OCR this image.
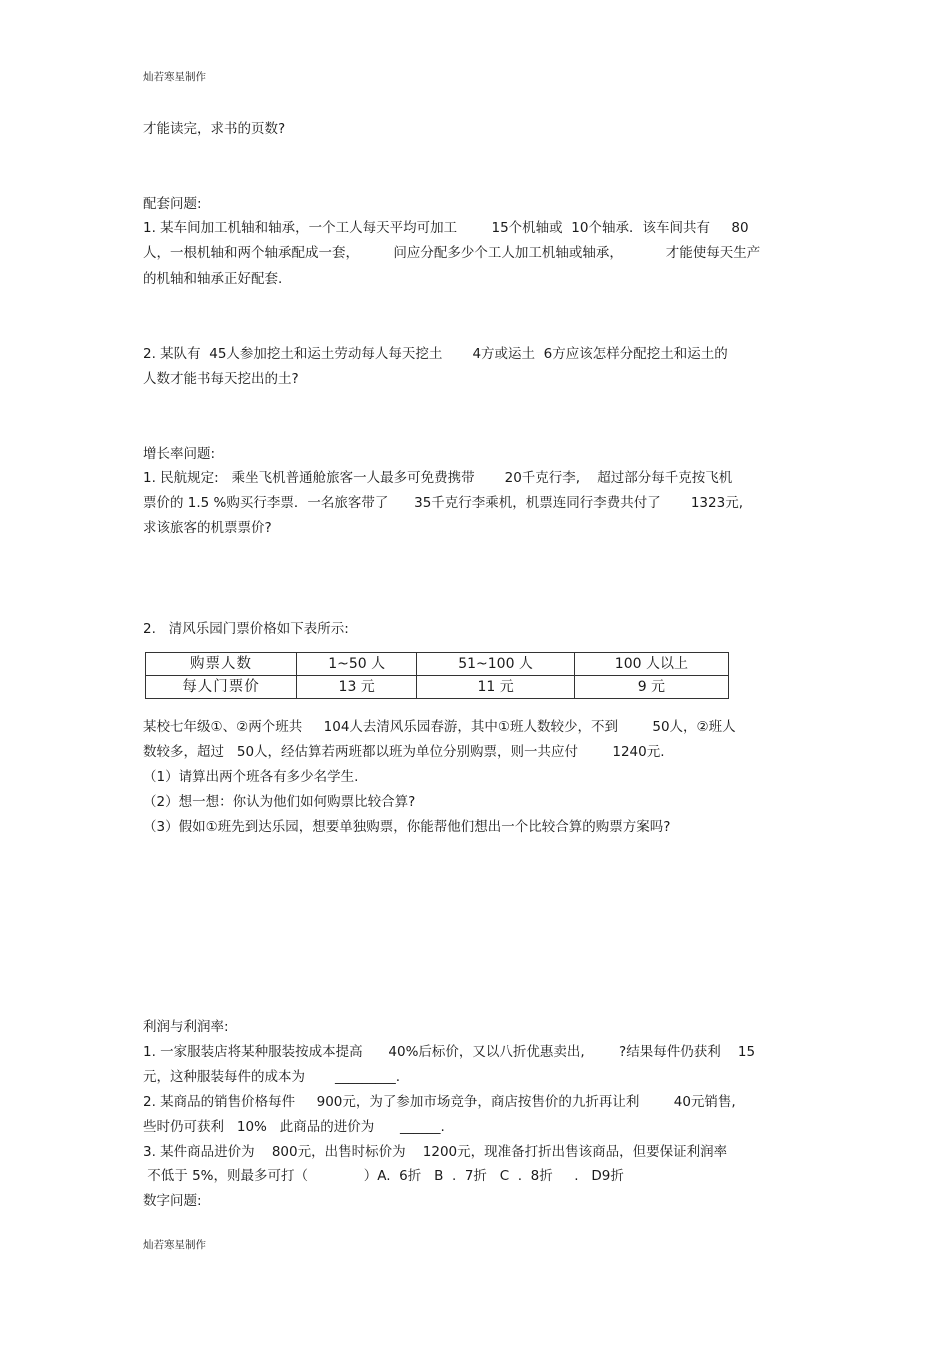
灿若寒星制作
才能读完，求书的页数?
配套问题:
1. 某车间加工机轴和轴承，一个工人每天平均可加工        15个机轴或  10个轴承．该车间共有     80
人，一根机轴和两个轴承配成一套，        问应分配多少个工人加工机轴或轴承，          才能使每天生产
的机轴和轴承正好配套.
2. 某队有  45人参加挖土和运土劳动每人每天挖土       4方或运土  6方应该怎样分配挖土和运土的
人数才能书每天挖出的土?
增长率问题:
1. 民航规定:   乘坐飞机普通舱旅客一人最多可免费携带       20千克行李,    超过部分每千克按飞机
票价的 1.5 %购买行李票．一名旅客带了      35千克行李乘机，机票连同行李费共付了       1323元,
求该旅客的机票票价?
2.   清风乐园门票价格如下表所示:
购票人数	1~50 人	51~100 人	100 人以上
每人门票价	13 元	11 元	9 元
某校七年级①、②两个班共     104人去清风乐园春游，其中①班人数较少，不到        50人，②班人
数较多，超过   50人，经估算若两班都以班为单位分别购票，则一共应付        1240元.
（1）请算出两个班各有多少名学生.
（2）想一想：你认为他们如何购票比较合算?
（3）假如①班先到达乐园，想要单独购票，你能帮他们想出一个比较合算的购票方案吗?
利润与利润率:
1. 一家服装店将某种服装按成本提高      40%后标价，又以八折优惠卖出,        ?结果每件仍获利    15
元，这种服装每件的成本为       _________.
2. 某商品的销售价格每件     900元，为了参加市场竞争，商店按售价的九折再让利        40元销售,
些时仍可获利   10%   此商品的进价为      ______.
3. 某件商品进价为    800元，出售时标价为    1200元，现准备打折出售该商品，但要保证利润率
不低于 5%，则最多可打（             ）A.  6折   B  .  7折   C  .  8折     .   D9折
数字问题:
灿若寒星制作
